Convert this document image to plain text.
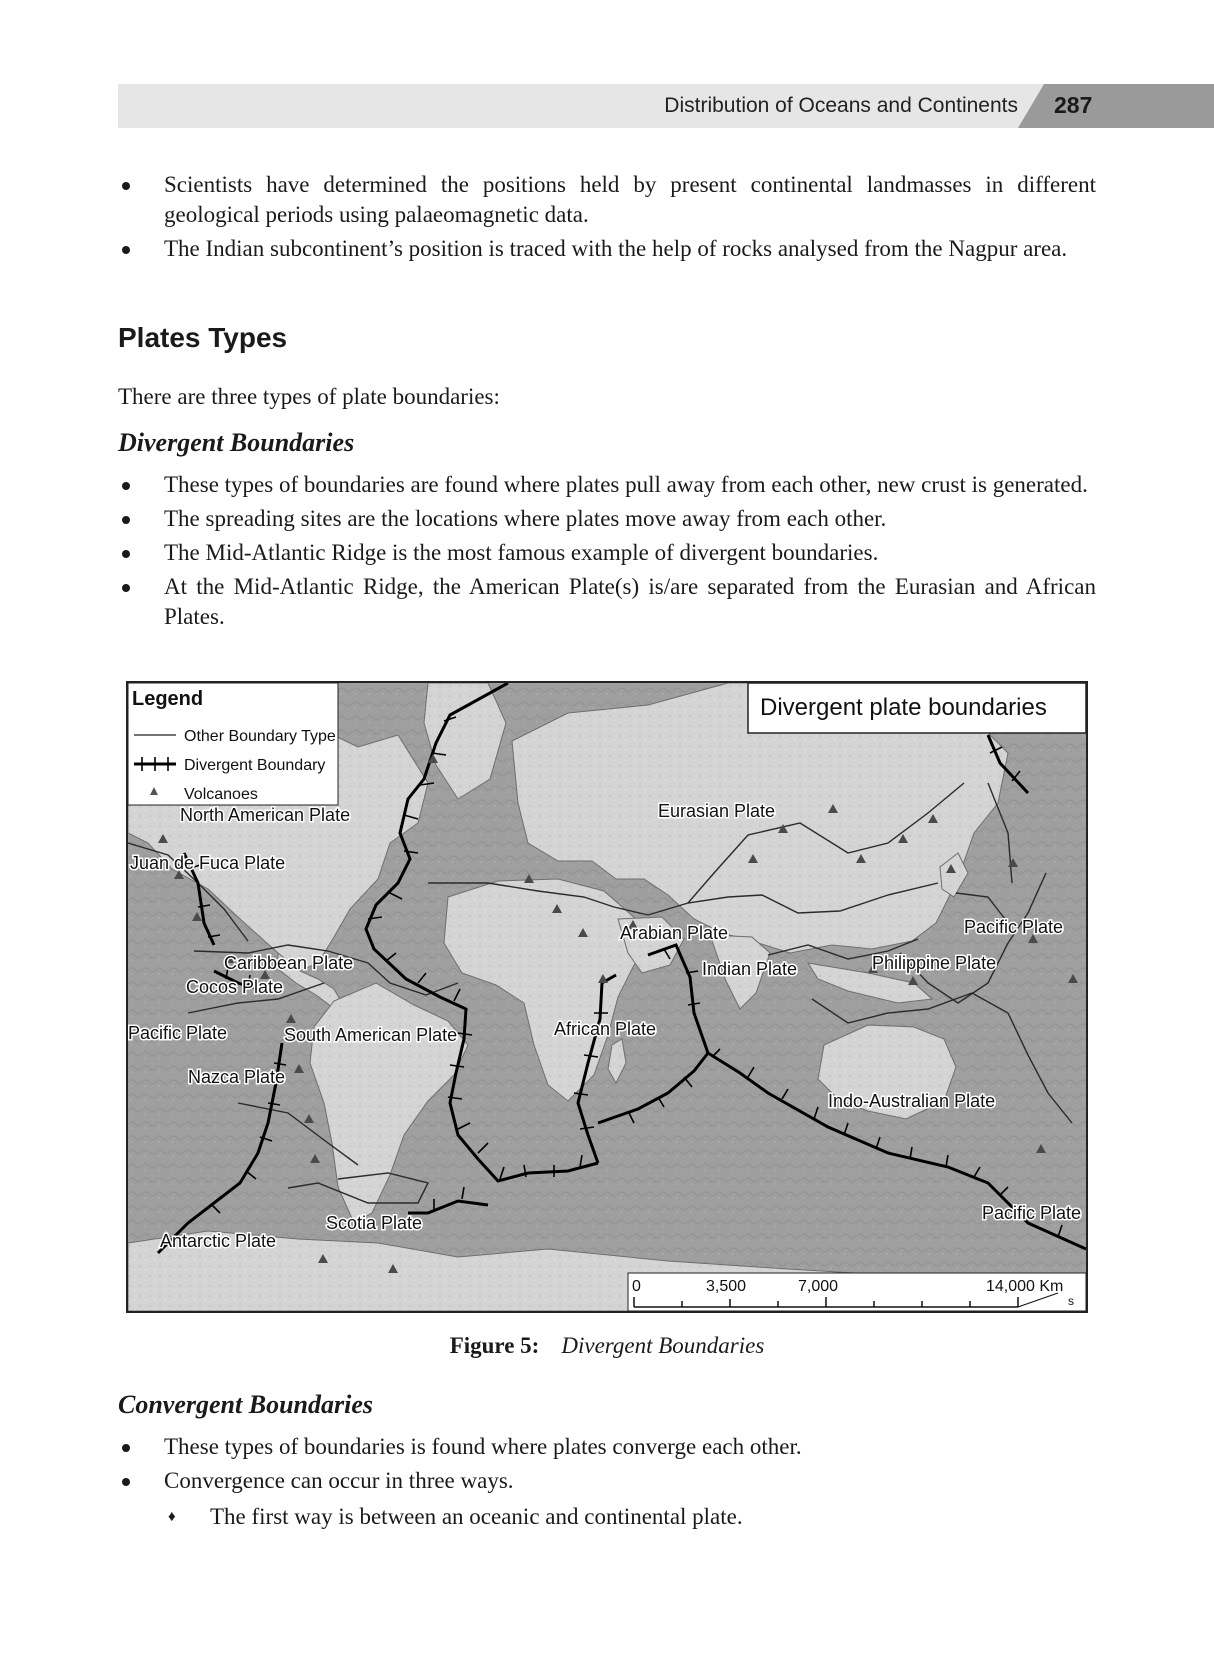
Distribution of Oceans and Continents 287
Scientists have determined the positions held by present continental landmasses in different geological periods using palaeomagnetic data.
The Indian subcontinent’s position is traced with the help of rocks analysed from the Nagpur area.
Plates Types
There are three types of plate boundaries:
Divergent Boundaries
These types of boundaries are found where plates pull away from each other, new crust is generated.
The spreading sites are the locations where plates move away from each other.
The Mid-Atlantic Ridge is the most famous example of divergent boundaries.
At the Mid-Atlantic Ridge, the American Plate(s) is/are separated from the Eurasian and African Plates.
North American Plate
Juan de Fuca Plate
Caribbean Plate
Cocos Plate
Pacific Plate
Nazca Plate
South American Plate
Antarctic Plate
Scotia Plate
Eurasian Plate
Arabian Plate
Indian Plate
African Plate
Pacific Plate
Philippine Plate
Indo-Australian Plate
Pacific Plate
Legend
Other Boundary Type
Divergent Boundary
Volcanoes
Divergent plate boundaries
0	3,500	7,000	14,000 Km
s
Figure 5: Divergent Boundaries
Convergent Boundaries
These types of boundaries is found where plates converge each other.
Convergence can occur in three ways.
♦ The first way is between an oceanic and continental plate.
